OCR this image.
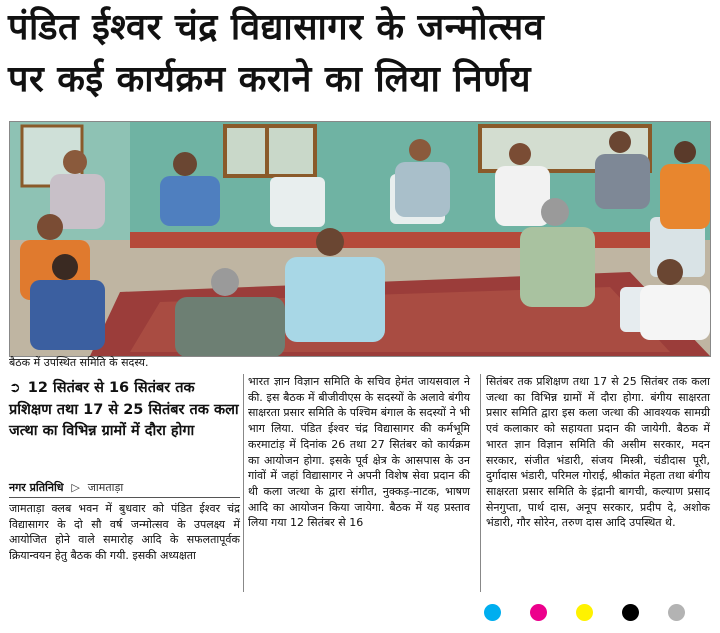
पंडित ईश्वर चंद्र विद्यासागर के जन्मोत्सव
पर कई कार्यक्रम कराने का लिया निर्णय
बैठक में उपस्थित समिति के सदस्य.
➲ 12 सितंबर से 16 सितंबर तक प्रशिक्षण तथा 17 से 25 सितंबर तक कला जत्था का विभिन्न ग्रामों में दौरा होगा
नगर प्रतिनिधि ▷ जामताड़ा
जामताड़ा क्लब भवन में बुधवार को पंडित ईश्वर चंद्र विद्यासागर के दो सौ वर्ष जन्मोत्सव के उपलक्ष्य में आयोजित होने वाले समारोह आदि के सफलतापूर्वक क्रियान्वयन हेतु बैठक की गयी. इसकी अध्यक्षता
भारत ज्ञान विज्ञान समिति के सचिव हेमंत जायसवाल ने की. इस बैठक में बीजीवीएस के सदस्यों के अलावे बंगीय साक्षरता प्रसार समिति के पश्चिम बंगाल के सदस्यों ने भी भाग लिया. पंडित ईश्वर चंद्र विद्यासागर की कर्मभूमि करमाटांड़ में दिनांक 26 तथा 27 सितंबर को कार्यक्रम का आयोजन होगा. इसके पूर्व क्षेत्र के आसपास के उन गांवों में जहां विद्यासागर ने अपनी विशेष सेवा प्रदान की थी कला जत्था के द्वारा संगीत, नुक्कड़-नाटक, भाषण आदि का आयोजन किया जायेगा. बैठक में यह प्रस्ताव लिया गया 12 सितंबर से 16
सितंबर तक प्रशिक्षण तथा 17 से 25 सितंबर तक कला जत्था का विभिन्न ग्रामों में दौरा होगा. बंगीय साक्षरता प्रसार समिति द्वारा इस कला जत्था की आवश्यक सामग्री एवं कलाकार को सहायता प्रदान की जायेगी. बैठक में भारत ज्ञान विज्ञान समिति की असीम सरकार, मदन सरकार, संजीत भंडारी, संजय मिस्त्री, चंडीदास पूरी, दुर्गादास भंडारी, परिमल गोराई, श्रीकांत मेहता तथा बंगीय साक्षरता प्रसार समिति के इंद्रानी बागची, कल्याण प्रसाद सेनगुप्ता, पार्थ दास, अनूप सरकार, प्रदीप दे, अशोक भंडारी, गौर सोरेन, तरुण दास आदि उपस्थित थे.
